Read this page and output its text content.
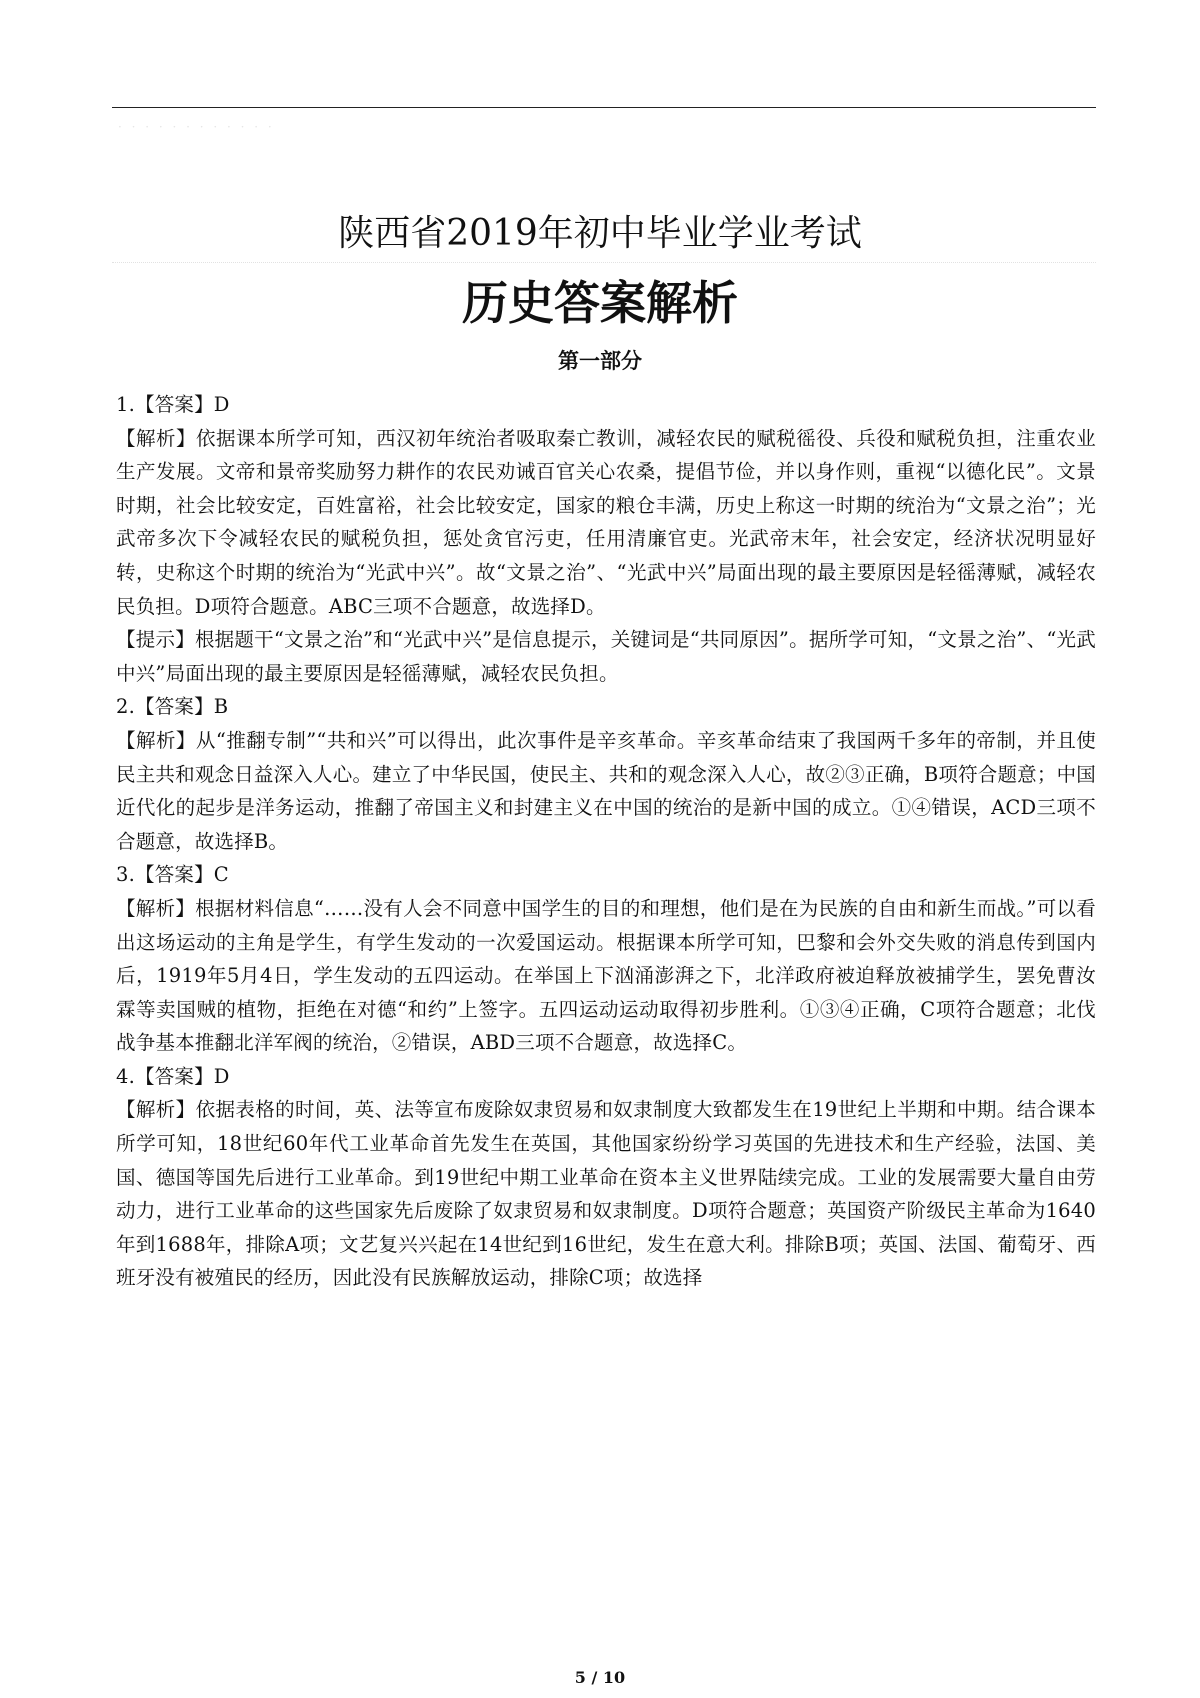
· · · · · · · · · · · ·
陕西省2019年初中毕业学业考试
历史答案解析
第一部分

1.【答案】D

【解析】依据课本所学可知，西汉初年统治者吸取秦亡教训，减轻农民的赋税徭役、兵役和赋税负担，注重农业生产发展。文帝和景帝奖励努力耕作的农民劝诫百官关心农桑，提倡节俭，并以身作则，重视“以德化民”。文景时期，社会比较安定，百姓富裕，社会比较安定，国家的粮仓丰满，历史上称这一时期的统治为“文景之治”；光武帝多次下令减轻农民的赋税负担，惩处贪官污吏，任用清廉官吏。光武帝末年，社会安定，经济状况明显好转，史称这个时期的统治为“光武中兴”。故“文景之治”、“光武中兴”局面出现的最主要原因是轻徭薄赋，减轻农民负担。D项符合题意。ABC三项不合题意，故选择D。

【提示】根据题干“文景之治”和“光武中兴”是信息提示，关键词是“共同原因”。据所学可知，“文景之治”、“光武中兴”局面出现的最主要原因是轻徭薄赋，减轻农民负担。

2.【答案】B

【解析】从“推翻专制”“共和兴”可以得出，此次事件是辛亥革命。辛亥革命结束了我国两千多年的帝制，并且使民主共和观念日益深入人心。建立了中华民国，使民主、共和的观念深入人心，故②③正确，B项符合题意；中国近代化的起步是洋务运动，推翻了帝国主义和封建主义在中国的统治的是新中国的成立。①④错误，ACD三项不合题意，故选择B。

3.【答案】C

【解析】根据材料信息“……没有人会不同意中国学生的目的和理想，他们是在为民族的自由和新生而战。”可以看出这场运动的主角是学生，有学生发动的一次爱国运动。根据课本所学可知，巴黎和会外交失败的消息传到国内后，1919年5月4日，学生发动的五四运动。在举国上下汹涌澎湃之下，北洋政府被迫释放被捕学生，罢免曹汝霖等卖国贼的植物，拒绝在对德“和约”上签字。五四运动运动取得初步胜利。①③④正确，C项符合题意；北伐战争基本推翻北洋军阀的统治，②错误，ABD三项不合题意，故选择C。

4.【答案】D

【解析】依据表格的时间，英、法等宣布废除奴隶贸易和奴隶制度大致都发生在19世纪上半期和中期。结合课本所学可知，18世纪60年代工业革命首先发生在英国，其他国家纷纷学习英国的先进技术和生产经验，法国、美国、德国等国先后进行工业革命。到19世纪中期工业革命在资本主义世界陆续完成。工业的发展需要大量自由劳动力，进行工业革命的这些国家先后废除了奴隶贸易和奴隶制度。D项符合题意；英国资产阶级民主革命为1640年到1688年，排除A项；文艺复兴兴起在14世纪到16世纪，发生在意大利。排除B项；英国、法国、葡萄牙、西班牙没有被殖民的经历，因此没有民族解放运动，排除C项；故选择

5 / 10
